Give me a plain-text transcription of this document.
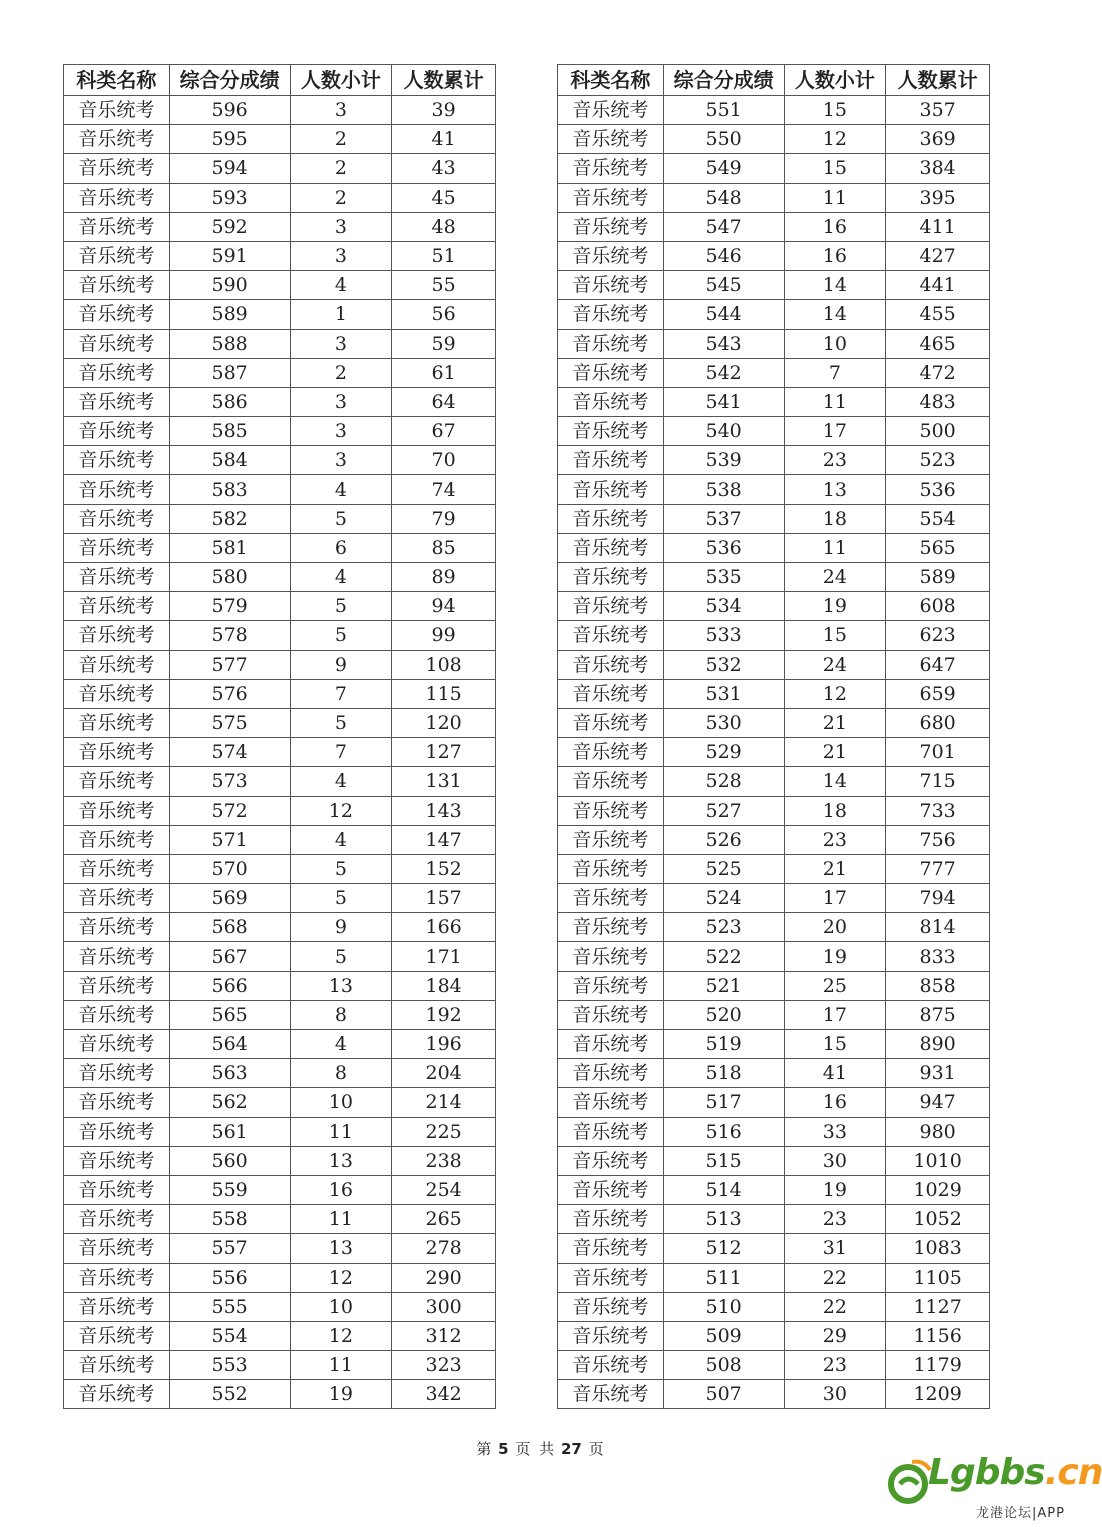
科类名称	综合分成绩	人数小计	人数累计
音乐统考	596	3	39
音乐统考	595	2	41
音乐统考	594	2	43
音乐统考	593	2	45
音乐统考	592	3	48
音乐统考	591	3	51
音乐统考	590	4	55
音乐统考	589	1	56
音乐统考	588	3	59
音乐统考	587	2	61
音乐统考	586	3	64
音乐统考	585	3	67
音乐统考	584	3	70
音乐统考	583	4	74
音乐统考	582	5	79
音乐统考	581	6	85
音乐统考	580	4	89
音乐统考	579	5	94
音乐统考	578	5	99
音乐统考	577	9	108
音乐统考	576	7	115
音乐统考	575	5	120
音乐统考	574	7	127
音乐统考	573	4	131
音乐统考	572	12	143
音乐统考	571	4	147
音乐统考	570	5	152
音乐统考	569	5	157
音乐统考	568	9	166
音乐统考	567	5	171
音乐统考	566	13	184
音乐统考	565	8	192
音乐统考	564	4	196
音乐统考	563	8	204
音乐统考	562	10	214
音乐统考	561	11	225
音乐统考	560	13	238
音乐统考	559	16	254
音乐统考	558	11	265
音乐统考	557	13	278
音乐统考	556	12	290
音乐统考	555	10	300
音乐统考	554	12	312
音乐统考	553	11	323
音乐统考	552	19	342
科类名称	综合分成绩	人数小计	人数累计
音乐统考	551	15	357
音乐统考	550	12	369
音乐统考	549	15	384
音乐统考	548	11	395
音乐统考	547	16	411
音乐统考	546	16	427
音乐统考	545	14	441
音乐统考	544	14	455
音乐统考	543	10	465
音乐统考	542	7	472
音乐统考	541	11	483
音乐统考	540	17	500
音乐统考	539	23	523
音乐统考	538	13	536
音乐统考	537	18	554
音乐统考	536	11	565
音乐统考	535	24	589
音乐统考	534	19	608
音乐统考	533	15	623
音乐统考	532	24	647
音乐统考	531	12	659
音乐统考	530	21	680
音乐统考	529	21	701
音乐统考	528	14	715
音乐统考	527	18	733
音乐统考	526	23	756
音乐统考	525	21	777
音乐统考	524	17	794
音乐统考	523	20	814
音乐统考	522	19	833
音乐统考	521	25	858
音乐统考	520	17	875
音乐统考	519	15	890
音乐统考	518	41	931
音乐统考	517	16	947
音乐统考	516	33	980
音乐统考	515	30	1010
音乐统考	514	19	1029
音乐统考	513	23	1052
音乐统考	512	31	1083
音乐统考	511	22	1105
音乐统考	510	22	1127
音乐统考	509	29	1156
音乐统考	508	23	1179
音乐统考	507	30	1209
第 5 页 共 27 页
Lgbbs.cn
龙港论坛|APP
